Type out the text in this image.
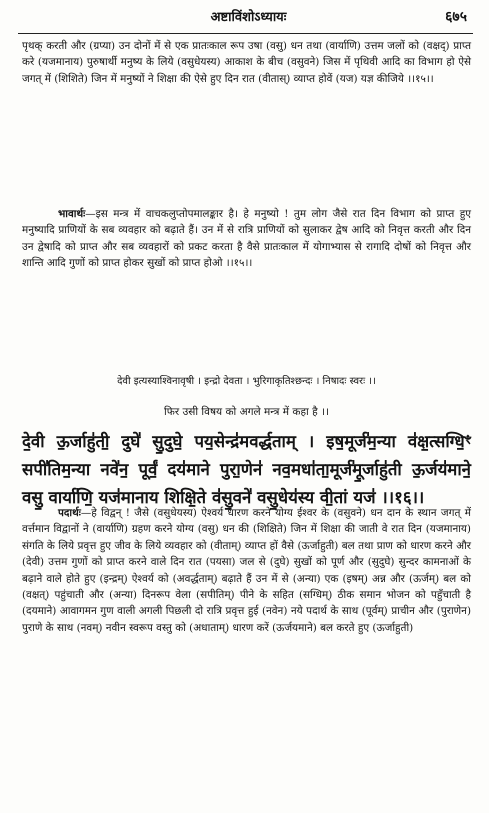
अष्टाविंशोऽध्यायः	६७५

पृथक् करती और (ग्रप्या) उन दोनों में से एक प्रातःकाल रूप उषा (वसु) धन तथा (वार्याणि) उत्तम जलों को (वक्षद्) प्राप्त करे (यजमानाय) पुरुषार्थी मनुष्य के लिये (वसुधेयस्य) आकाश के बीच (वसुवने) जिस में पृथिवी आदि का विभाग हो ऐसे जगत् में (शिशिते) जिन में मनुष्यों ने शिक्षा की ऐसे हुए दिन रात (वीतास्) व्याप्त होवें (यज) यज्ञ कीजिये ।।१५।।

भावार्थः—इस मन्त्र में वाचकलुप्तोपमालङ्कार है। हे मनुष्यो ! तुम लोग जैसे रात दिन विभाग को प्राप्त हुए मनुष्यादि प्राणियों के सब व्यवहार को बढ़ाते हैं। उन में से रात्रि प्राणियों को सुलाकर द्वेष आदि को निवृत्त करती और दिन उन द्वेषादि को प्राप्त और सब व्यवहारों को प्रकट करता है वैसे प्रातःकाल में योगाभ्यास से रागादि दोषों को निवृत्त और शान्ति आदि गुणों को प्राप्त होकर सुखों को प्राप्त होओ ।।१५।।

देवी इत्यस्याश्विनावृषी । इन्द्रो देवता । भुरिगाकृतिश्छन्दः । निषादः स्वरः ।।
फिर उसी विषय को अगले मन्त्र में कहा है ।।
दे॒वी ऊ॒र्जाहु॑ती॒ दुघे॑ सु॒दुघे॒ पय॒सेन्द्र॑मवर्द्धताम् । इष॒मूर्ज॑म॒न्या व॑क्ष॒त्सग्धि॒ꣳ सपी॑तिम॒न्या नवे॑न॒ पूर्वं॒ दय॑माने पुरा॒णेन॑ नव॒मधा॑ता॒मूर्ज॑मू॒र्जाहु॑ती ऊ॒र्जय॑माने॒ वसु॒ वार्या॑णि॒ यज॑मानाय शिक्षि॒ते व॑सु॒वने॑ वसु॒धेय॑स्य वी॒तां यज॑ ।।१६।।

पदार्थः—हे विद्वन् ! जैसे (वसुधेयस्य) ऐश्वर्य धारण करने योग्य ईश्वर के (वसुवने) धन दान के स्थान जगत् में वर्त्तमान विद्वानों ने (वार्याणि) ग्रहण करने योग्य (वसु) धन की (शिक्षिते) जिन में शिक्षा की जाती वे रात दिन (यजमानाय) संगति के लिये प्रवृत्त हुए जीव के लिये व्यवहार को (वीताम्) व्याप्त हों वैसे (ऊर्जाहुती) बल तथा प्राण को धारण करने और (देवी) उत्तम गुणों को प्राप्त करने वाले दिन रात (पयसा) जल से (दुघे) सुखों को पूर्ण और (सुदुघे) सुन्दर कामनाओं के बढ़ाने वाले होते हुए (इन्द्रम्) ऐश्वर्य को (अवर्द्धताम्) बढ़ाते हैं उन में से (अन्या) एक (इषम्) अन्न और (ऊर्जम्) बल को (वक्षत्) पहुंचाती और (अन्या) दिनरूप वेला (सपीतिम्) पीने के सहित (सग्धिम्) ठीक समान भोजन को पहुँचाती है (दयमाने) आवागमन गुण वाली अगली पिछली दो रात्रि प्रवृत्त हुई (नवेन) नये पदार्थ के साथ (पूर्वम्) प्राचीन और (पुराणेन) पुराणे के साथ (नवम्) नवीन स्वरूप वस्तु को (अधाताम्) धारण करें (ऊर्जयमाने) बल करते हुए (ऊर्जाहुती)
